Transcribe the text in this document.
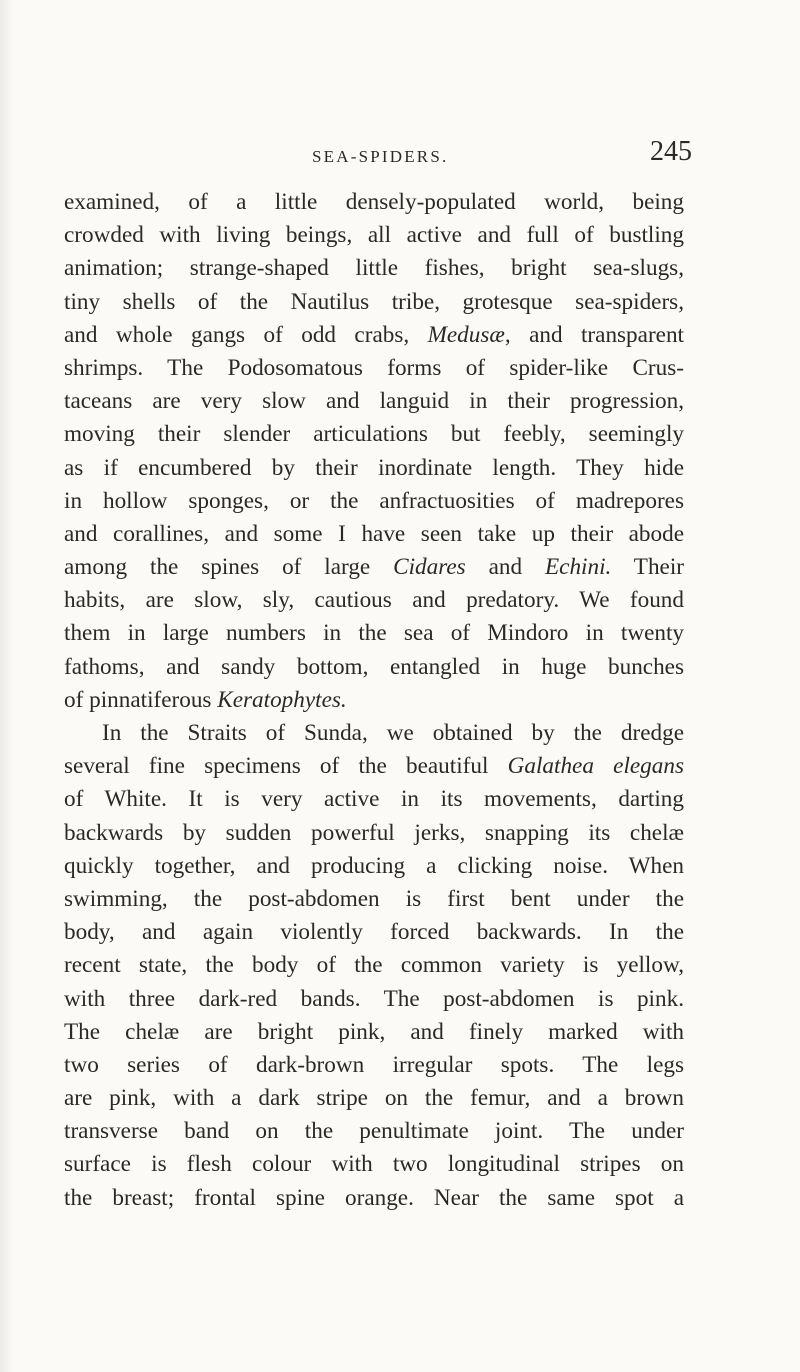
SEA-SPIDERS.	245
examined, of a little densely-populated world, being
crowded with living beings, all active and full of bustling
animation; strange-shaped little fishes, bright sea-slugs,
tiny shells of the Nautilus tribe, grotesque sea-spiders,
and whole gangs of odd crabs, Medusæ, and transparent
shrimps. The Podosomatous forms of spider-like Crus-
taceans are very slow and languid in their progression,
moving their slender articulations but feebly, seemingly
as if encumbered by their inordinate length. They hide
in hollow sponges, or the anfractuosities of madrepores
and corallines, and some I have seen take up their abode
among the spines of large Cidares and Echini. Their
habits, are slow, sly, cautious and predatory. We found
them in large numbers in the sea of Mindoro in twenty
fathoms, and sandy bottom, entangled in huge bunches
of pinnatiferous Keratophytes.
In the Straits of Sunda, we obtained by the dredge
several fine specimens of the beautiful Galathea elegans
of White. It is very active in its movements, darting
backwards by sudden powerful jerks, snapping its chelæ
quickly together, and producing a clicking noise. When
swimming, the post-abdomen is first bent under the
body, and again violently forced backwards. In the
recent state, the body of the common variety is yellow,
with three dark-red bands. The post-abdomen is pink.
The chelæ are bright pink, and finely marked with
two series of dark-brown irregular spots. The legs
are pink, with a dark stripe on the femur, and a brown
transverse band on the penultimate joint. The under
surface is flesh colour with two longitudinal stripes on
the breast; frontal spine orange. Near the same spot a
